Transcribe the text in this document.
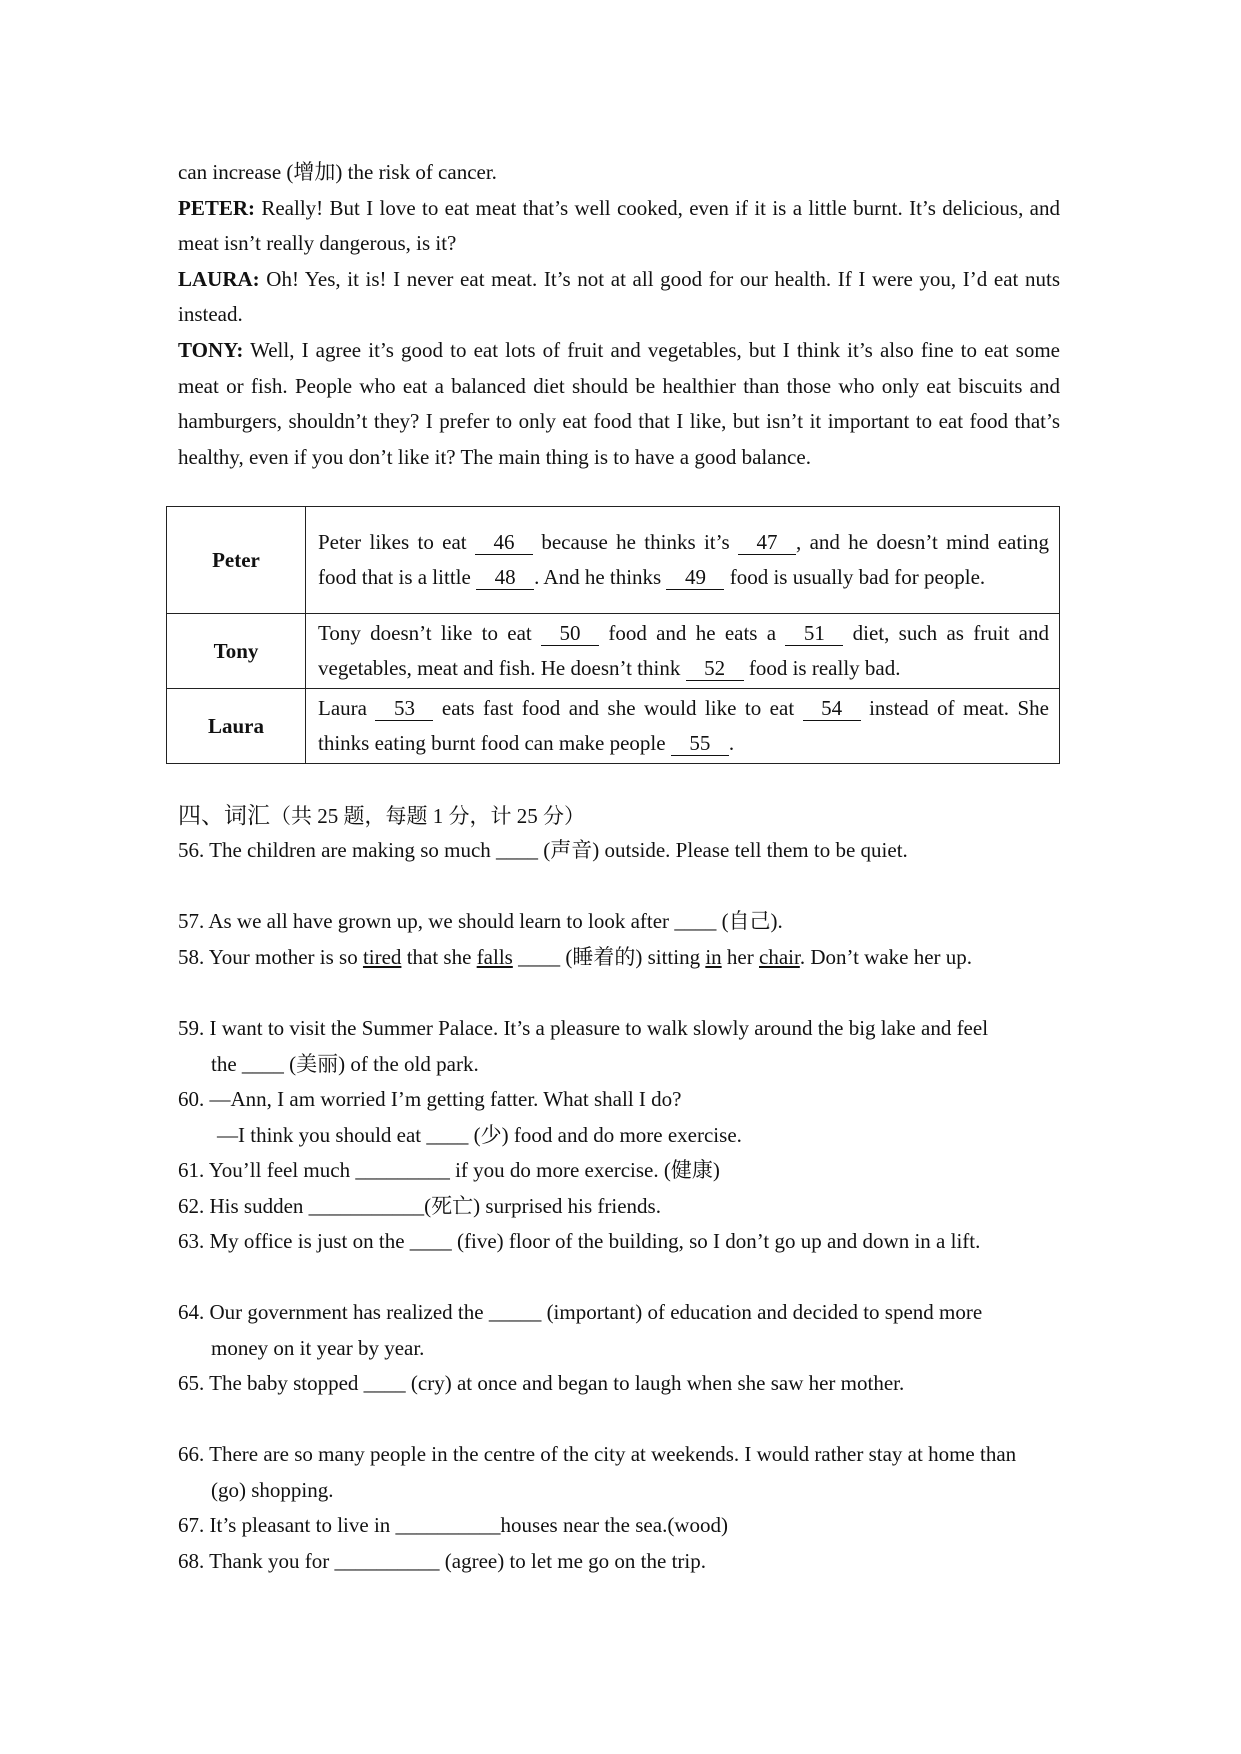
can increase (增加) the risk of cancer.

PETER: Really! But I love to eat meat that’s well cooked, even if it is a little burnt. It’s delicious, and meat isn’t really dangerous, is it?

LAURA: Oh! Yes, it is! I never eat meat. It’s not at all good for our health. If I were you, I’d eat nuts instead.

TONY: Well, I agree it’s good to eat lots of fruit and vegetables, but I think it’s also fine to eat some meat or fish. People who eat a balanced diet should be healthier than those who only eat biscuits and hamburgers, shouldn’t they? I prefer to only eat food that I like, but isn’t it important to eat food that’s healthy, even if you don’t like it? The main thing is to have a good balance.

Peter	Peter likes to eat 46 because he thinks it’s 47 , and he doesn’t mind eating food that is a little 48 . And he thinks 49 food is usually bad for people.
Tony	Tony doesn’t like to eat 50 food and he eats a 51 diet, such as fruit and vegetables, meat and fish. He doesn’t think 52 food is really bad.
Laura	Laura 53 eats fast food and she would like to eat 54 instead of meat. She thinks eating burnt food can make people 55 .
四、词汇（共 25 题，每题 1 分，计 25 分）
56. The children are making so much ____ (声音) outside. Please tell them to be quiet.
57. As we all have grown up, we should learn to look after ____ (自己).
58. Your mother is so tired that she falls ____ (睡着的) sitting in her chair. Don’t wake her up.
59. I want to visit the Summer Palace. It’s a pleasure to walk slowly around the big lake and feel
the ____ (美丽) of the old park.
60. —Ann, I am worried I’m getting fatter. What shall I do?
—I think you should eat ____ (少) food and do more exercise.
61. You’ll feel much _________ if you do more exercise. (健康)
62. His sudden ___________(死亡) surprised his friends.
63. My office is just on the ____ (five) floor of the building, so I don’t go up and down in a lift.
64. Our government has realized the _____ (important) of education and decided to spend more
money on it year by year.
65. The baby stopped ____ (cry) at once and began to laugh when she saw her mother.
66. There are so many people in the centre of the city at weekends. I would rather stay at home than
(go) shopping.
67. It’s pleasant to live in __________houses near the sea.(wood)
68. Thank you for __________ (agree) to let me go on the trip.
